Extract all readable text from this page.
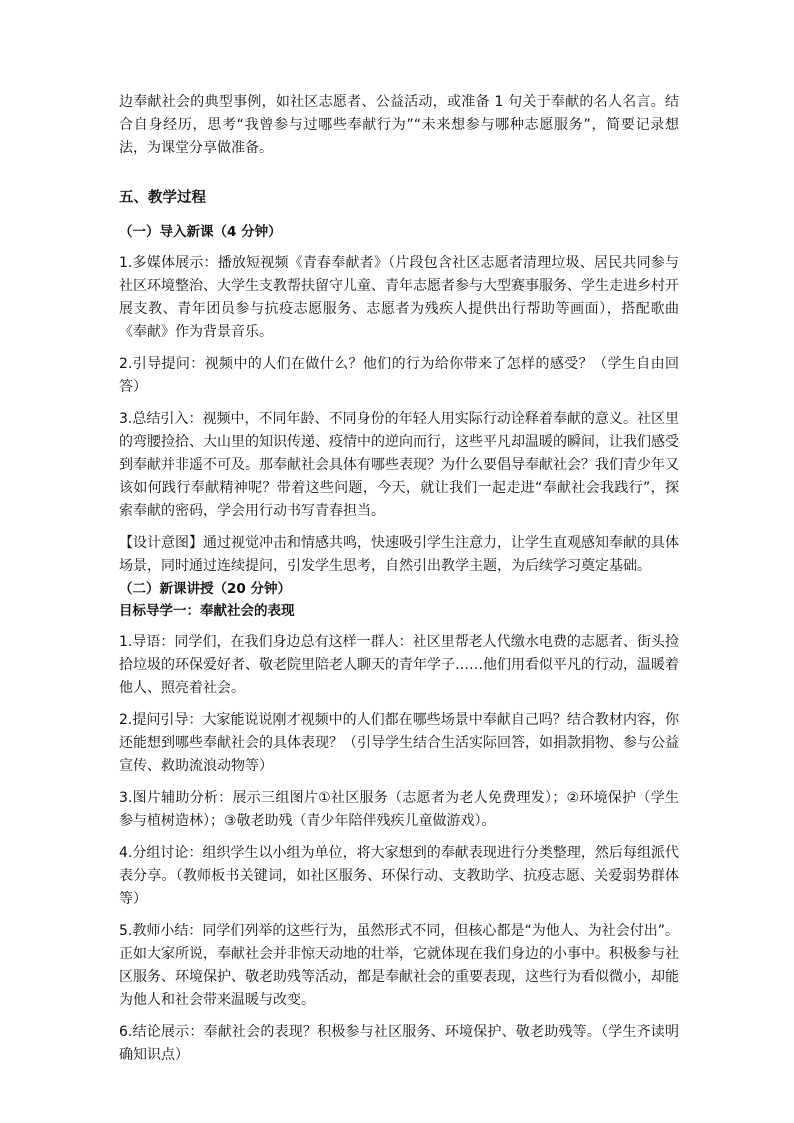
边奉献社会的典型事例，如社区志愿者、公益活动，或准备 1 句关于奉献的名人名言。结合自身经历，思考“我曾参与过哪些奉献行为”“未来想参与哪种志愿服务”，简要记录想法，为课堂分享做准备。

五、教学过程

（一）导入新课（4 分钟）

1.多媒体展示：播放短视频《青春奉献者》（片段包含社区志愿者清理垃圾、居民共同参与社区环境整治、大学生支教帮扶留守儿童、青年志愿者参与大型赛事服务、学生走进乡村开展支教、青年团员参与抗疫志愿服务、志愿者为残疾人提供出行帮助等画面），搭配歌曲《奉献》作为背景音乐。

2.引导提问：视频中的人们在做什么？他们的行为给你带来了怎样的感受？（学生自由回答）

3.总结引入：视频中，不同年龄、不同身份的年轻人用实际行动诠释着奉献的意义。社区里的弯腰捡拾、大山里的知识传递、疫情中的逆向而行，这些平凡却温暖的瞬间，让我们感受到奉献并非遥不可及。那奉献社会具体有哪些表现？为什么要倡导奉献社会？我们青少年又该如何践行奉献精神呢？带着这些问题，今天，就让我们一起走进“奉献社会我践行”，探索奉献的密码，学会用行动书写青春担当。

【设计意图】通过视觉冲击和情感共鸣，快速吸引学生注意力，让学生直观感知奉献的具体场景，同时通过连续提问，引发学生思考，自然引出教学主题，为后续学习奠定基础。

（二）新课讲授（20 分钟）

目标导学一：奉献社会的表现

1.导语：同学们，在我们身边总有这样一群人：社区里帮老人代缴水电费的志愿者、街头捡拾垃圾的环保爱好者、敬老院里陪老人聊天的青年学子……他们用看似平凡的行动，温暖着他人、照亮着社会。

2.提问引导：大家能说说刚才视频中的人们都在哪些场景中奉献自己吗？结合教材内容，你还能想到哪些奉献社会的具体表现？（引导学生结合生活实际回答，如捐款捐物、参与公益宣传、救助流浪动物等）

3.图片辅助分析：展示三组图片①社区服务（志愿者为老人免费理发）；②环境保护（学生参与植树造林）；③敬老助残（青少年陪伴残疾儿童做游戏）。

4.分组讨论：组织学生以小组为单位，将大家想到的奉献表现进行分类整理，然后每组派代表分享。（教师板书关键词，如社区服务、环保行动、支教助学、抗疫志愿、关爱弱势群体等）

5.教师小结：同学们列举的这些行为，虽然形式不同，但核心都是“为他人、为社会付出”。正如大家所说，奉献社会并非惊天动地的壮举，它就体现在我们身边的小事中。积极参与社区服务、环境保护、敬老助残等活动，都是奉献社会的重要表现，这些行为看似微小，却能为他人和社会带来温暖与改变。

6.结论展示：奉献社会的表现？积极参与社区服务、环境保护、敬老助残等。（学生齐读明确知识点）
